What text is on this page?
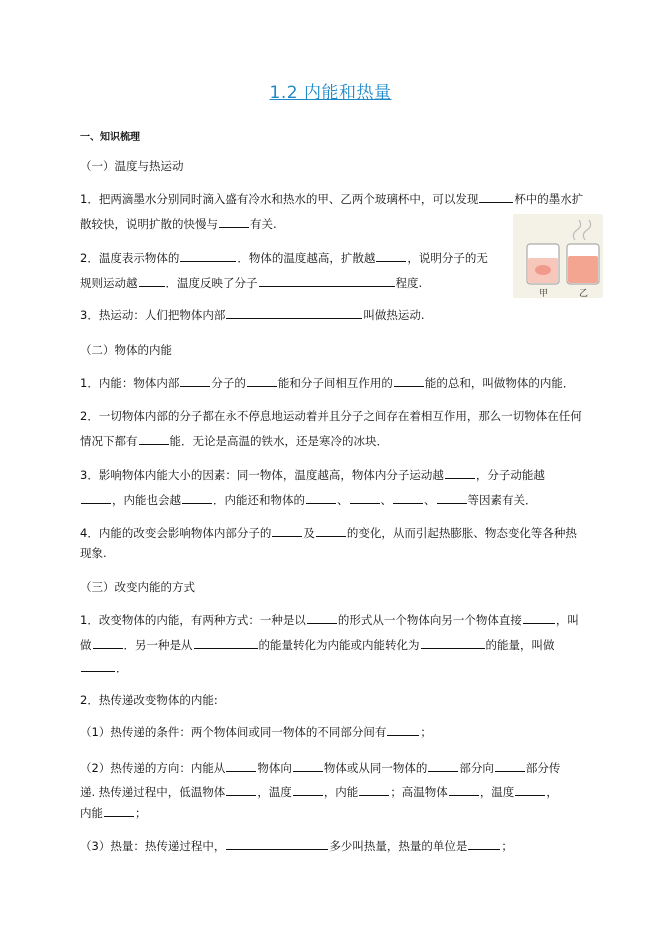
1.2 内能和热量
一、知识梳理
（一）温度与热运动
1．把两滴墨水分别同时滴入盛有冷水和热水的甲、乙两个玻璃杯中，可以发现	杯中的墨水扩
散较快，说明扩散的快慢与	有关.
2．温度表示物体的	．物体的温度越高，扩散越	，说明分子的无
规则运动越 ．温度反映了分子	程度.
3．热运动：人们把物体内部	叫做热运动.
甲	乙
（二）物体的内能
1．内能：物体内部	分子的	能和分子间相互作用的	能的总和，叫做物体的内能．
2．一切物体内部的分子都在永不停息地运动着并且分子之间存在着相互作用，那么一切物体在任何
情况下都有	能．无论是高温的铁水，还是寒冷的冰块．
3．影响物体内能大小的因素：同一物体，温度越高，物体内分子运动越	，分子动能越
，内能也会越	．内能还和物体的	、	、	、	等因素有关．
4．内能的改变会影响物体内部分子的	及	的变化，从而引起热膨胀、物态变化等各种热
现象.
（三）改变内能的方式
1．改变物体的内能，有两种方式：一种是以	的形式从一个物体向另一个物体直接	，叫
做	．另一种是从	的能量转化为内能或内能转化为	的能量，叫做
．
2．热传递改变物体的内能:
（1）热传递的条件：两个物体间或同一物体的不同部分间有	；
（2）热传递的方向：内能从	物体向	物体或从同一物体的	部分向	部分传
递. 热传递过程中，低温物体	，温度	，内能	；高温物体	，温度	，
内能	；
（3）热量：热传递过程中，	多少叫热量，热量的单位是	；
